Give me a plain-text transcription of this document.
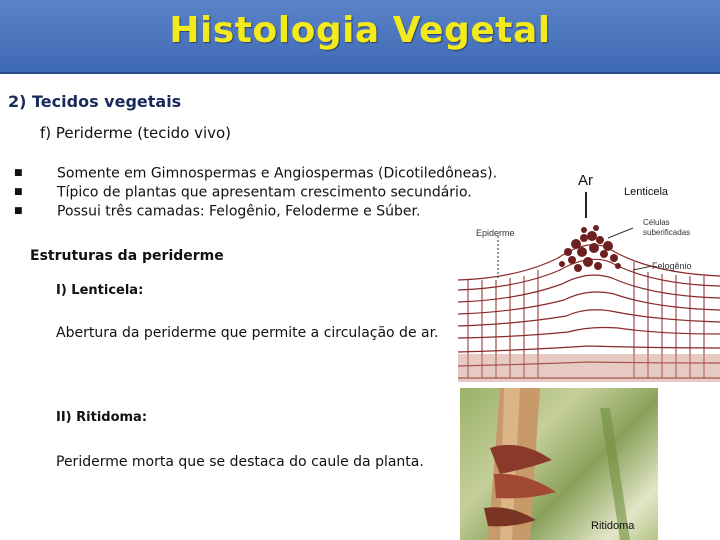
Histologia Vegetal
2) Tecidos vegetais
f) Periderme (tecido vivo)
■ Somente em Gimnospermas e Angiospermas (Dicotiledôneas).
■ Típico de plantas que apresentam crescimento secundário.
■ Possui três camadas: Felogênio, Feloderme e Súber.
Estruturas da periderme
I) Lenticela:
Abertura da periderme que permite a circulação de ar.
II) Ritidoma:
Periderme morta que se destaca do caule da planta.
Ar
Lenticela
Epiderme
Células
suberificadas
Felogênio
Ritidoma
